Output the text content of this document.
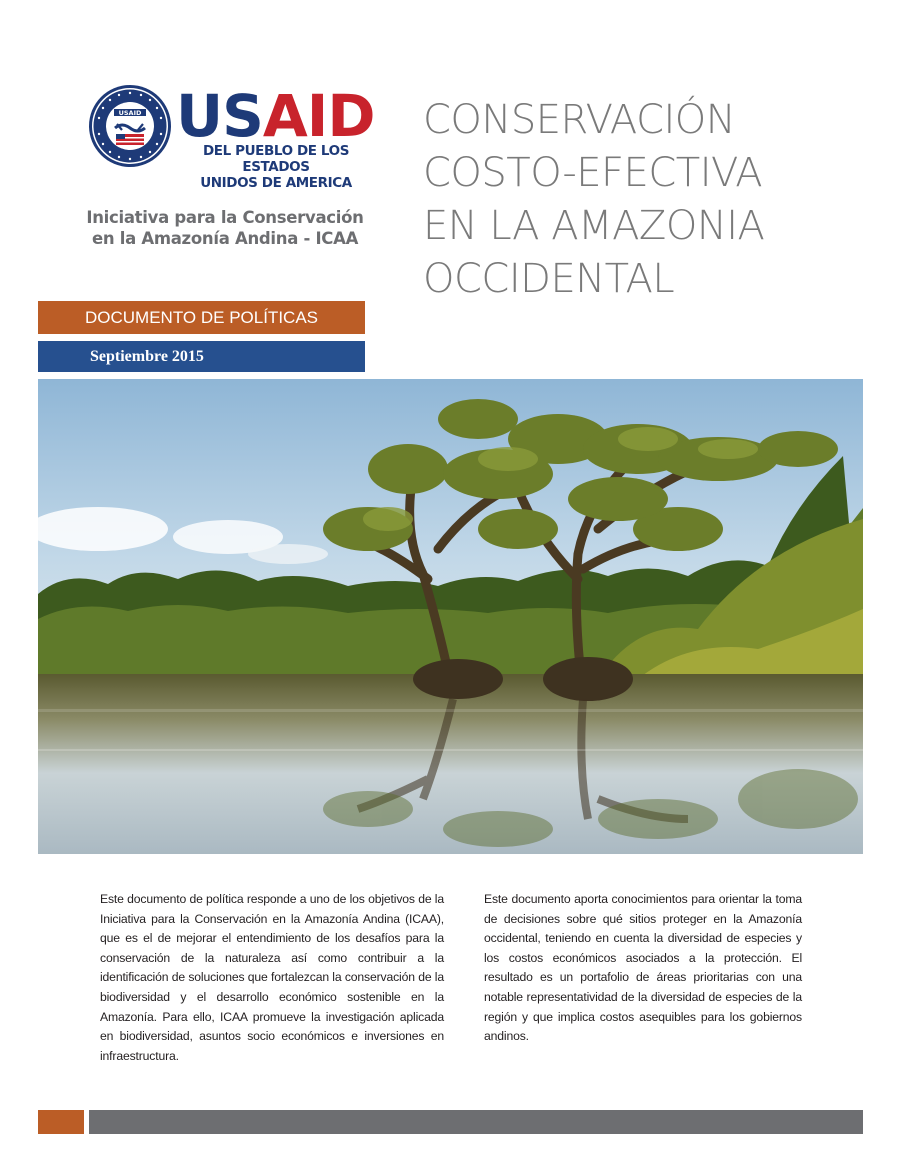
USAID USAID
DEL PUEBLO DE LOS ESTADOS
UNIDOS DE AMERICA
Iniciativa para la Conservación
en la Amazonía Andina - ICAA
CONSERVACIÓN
COSTO-EFECTIVA
EN LA AMAZONIA
OCCIDENTAL
DOCUMENTO DE POLÍTICAS
Septiembre 2015
Este documento de política responde a uno de los objetivos de la Iniciativa para la Conservación en la Amazonía Andina (ICAA), que es el de mejorar el entendimiento de los desafíos para la conservación de la naturaleza así como contribuir a la identificación de soluciones que fortalezcan la conservación de la biodiversidad y el desarrollo económico sostenible en la Amazonía. Para ello, ICAA promueve la investigación aplicada en biodiversidad, asuntos socio económicos e inversiones en infraestructura.
Este documento aporta conocimientos para orientar la toma de decisiones sobre qué sitios proteger en la Amazonía occidental, teniendo en cuenta la diversidad de especies y los costos económicos asociados a la protección. El resultado es un portafolio de áreas prioritarias con una notable representatividad de la diversidad de especies de la región y que implica costos asequibles para los gobiernos andinos.
